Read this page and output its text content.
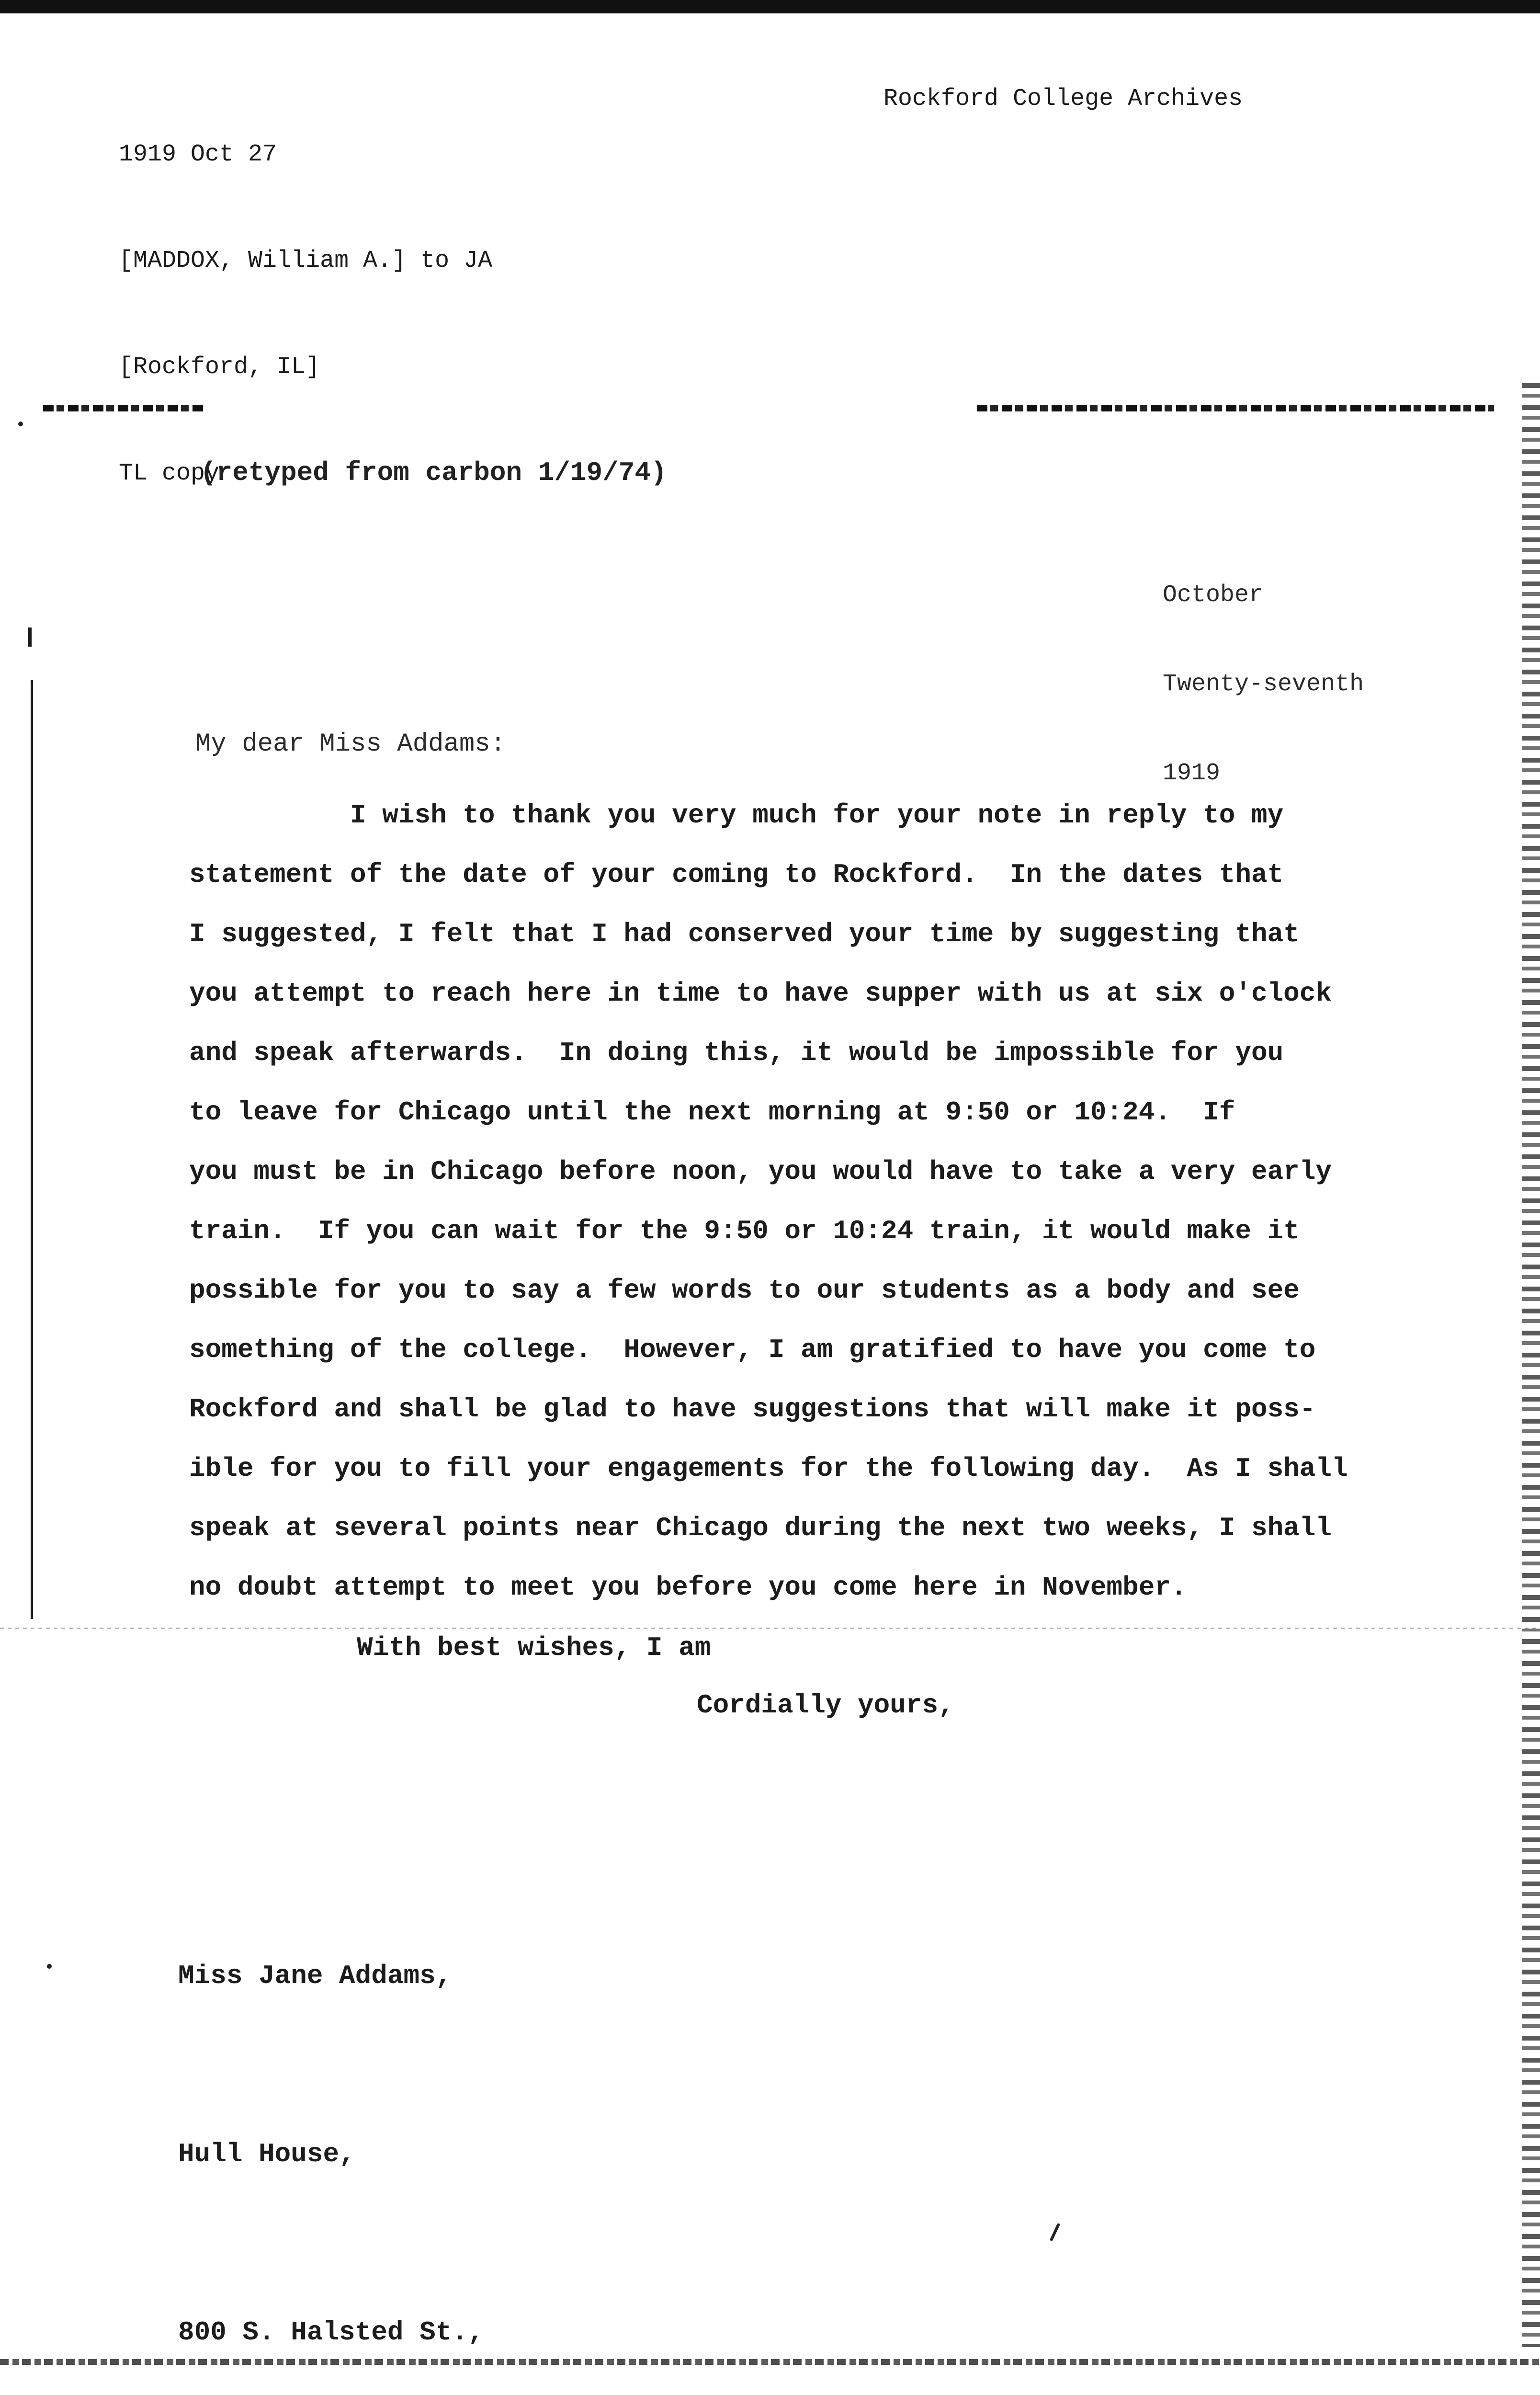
1919 Oct 27

[MADDOX, William A.] to JA

[Rockford, IL]

TL copy

Rockford College Archives
(retyped from carbon 1/19/74)

October

Twenty-seventh

1919

My dear Miss Addams:
I wish to thank you very much for your note in reply to my
statement of the date of your coming to Rockford.  In the dates that
I suggested, I felt that I had conserved your time by suggesting that
you attempt to reach here in time to have supper with us at six o'clock
and speak afterwards.  In doing this, it would be impossible for you
to leave for Chicago until the next morning at 9:50 or 10:24.  If
you must be in Chicago before noon, you would have to take a very early
train.  If you can wait for the 9:50 or 10:24 train, it would make it
possible for you to say a few words to our students as a body and see
something of the college.  However, I am gratified to have you come to
Rockford and shall be glad to have suggestions that will make it poss-
ible for you to fill your engagements for the following day.  As I shall
speak at several points near Chicago during the next two weeks, I shall
no doubt attempt to meet you before you come here in November.
With best wishes, I am
Cordially yours,

Miss Jane Addams,

Hull House,

800 S. Halsted St.,
